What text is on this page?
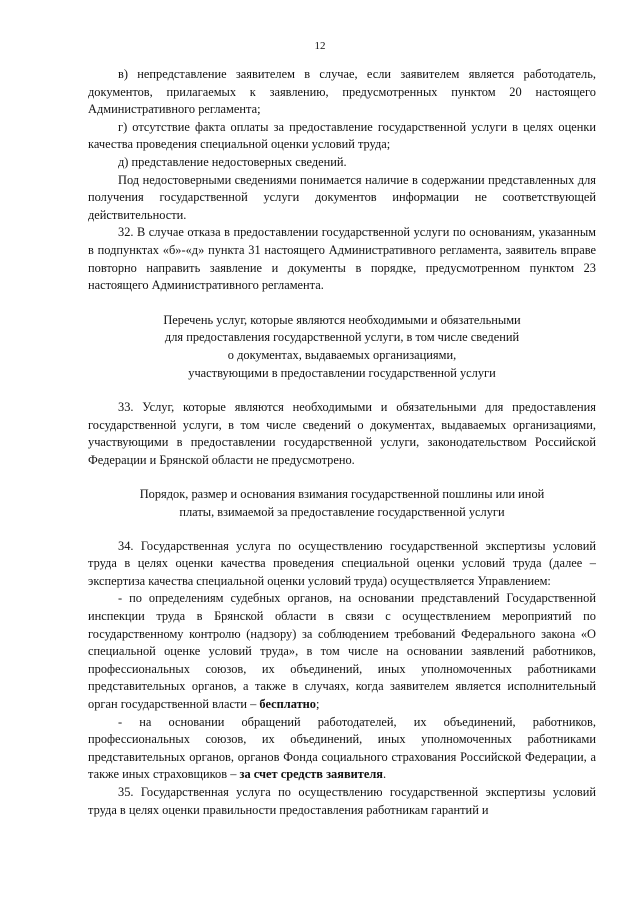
12

в) непредставление заявителем в случае, если заявителем является работодатель, документов, прилагаемых к заявлению, предусмотренных пунктом 20 настоящего Административного регламента;

г) отсутствие факта оплаты за предоставление государственной услуги в целях оценки качества проведения специальной оценки условий труда;

д) представление недостоверных сведений.

Под недостоверными сведениями понимается наличие в содержании представленных для получения государственной услуги документов информации не соответствующей действительности.

32. В случае отказа в предоставлении государственной услуги по основаниям, указанным в подпунктах «б»-«д» пункта 31 настоящего Административного регламента, заявитель вправе повторно направить заявление и документы в порядке, предусмотренном пунктом 23 настоящего Административного регламента.

Перечень услуг, которые являются необходимыми и обязательными
для предоставления государственной услуги, в том числе сведений
о документах, выдаваемых организациями,
участвующими в предоставлении государственной услуги

33. Услуг, которые являются необходимыми и обязательными для предоставления государственной услуги, в том числе сведений о документах, выдаваемых организациями, участвующими в предоставлении государственной услуги, законодательством Российской Федерации и Брянской области не предусмотрено.

Порядок, размер и основания взимания государственной пошлины или иной
платы, взимаемой за предоставление государственной услуги

34. Государственная услуга по осуществлению государственной экспертизы условий труда в целях оценки качества проведения специальной оценки условий труда (далее – экспертиза качества специальной оценки условий труда) осуществляется Управлением:

- по определениям судебных органов, на основании представлений Государственной инспекции труда в Брянской области в связи с осуществлением мероприятий по государственному контролю (надзору) за соблюдением требований Федерального закона «О специальной оценке условий труда», в том числе на основании заявлений работников, профессиональных союзов, их объединений, иных уполномоченных работниками представительных органов, а также в случаях, когда заявителем является исполнительный орган государственной власти – бесплатно;

- на основании обращений работодателей, их объединений, работников, профессиональных союзов, их объединений, иных уполномоченных работниками представительных органов, органов Фонда социального страхования Российской Федерации, а также иных страховщиков – за счет средств заявителя.

35. Государственная услуга по осуществлению государственной экспертизы условий труда в целях оценки правильности предоставления работникам гарантий и
